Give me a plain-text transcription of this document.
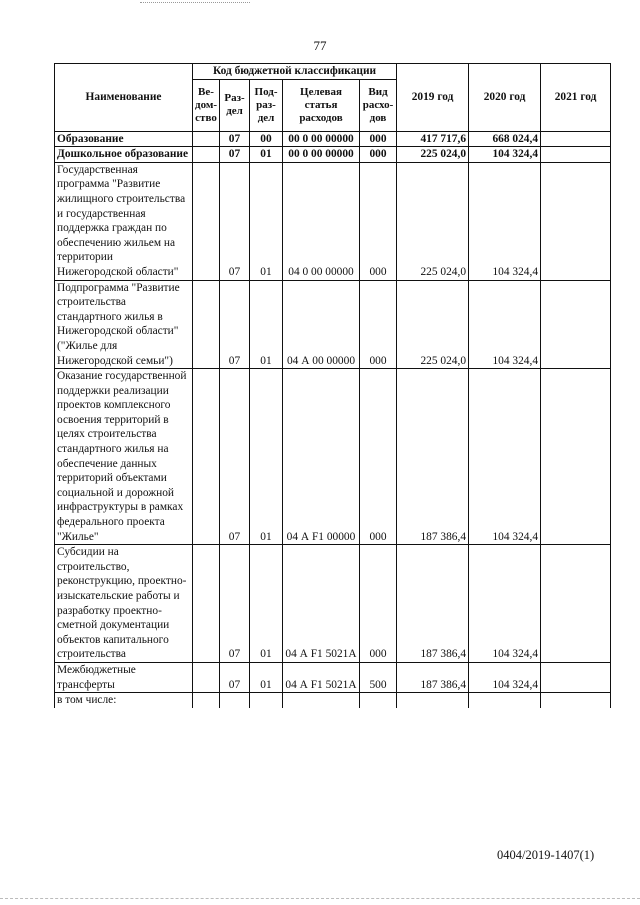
77
Наименование	Код бюджетной классификации					2019 год	2020 год	2021 год
	Ве-дом-ство	Раз-дел	Под-раз-дел	Целевая статья расходов	Вид расхо-дов			
Образование		07	00	00 0 00 00000	000	417 717,6	668 024,4	
Дошкольное образование		07	01	00 0 00 00000	000	225 024,0	104 324,4	
Государственная программа "Развитие жилищного строительства и государственная поддержка граждан по обеспечению жильем на территории Нижегородской области"		07	01	04 0 00 00000	000	225 024,0	104 324,4	
Подпрограмма "Развитие строительства стандартного жилья в Нижегородской области" ("Жилье для Нижегородской семьи")		07	01	04 А 00 00000	000	225 024,0	104 324,4	
Оказание государственной поддержки реализации проектов комплексного освоения территорий в целях строительства стандартного жилья на обеспечение данных территорий объектами социальной и дорожной инфраструктуры в рамках федерального проекта "Жилье"		07	01	04 А F1 00000	000	187 386,4	104 324,4	
Субсидии на строительство, реконструкцию, проектно-изыскательские работы и разработку проектно-сметной документации объектов капитального строительства		07	01	04 А F1 5021А	000	187 386,4	104 324,4	
Межбюджетные трансферты		07	01	04 А F1 5021А	500	187 386,4	104 324,4	
в том числе:								
0404/2019-1407(1)
